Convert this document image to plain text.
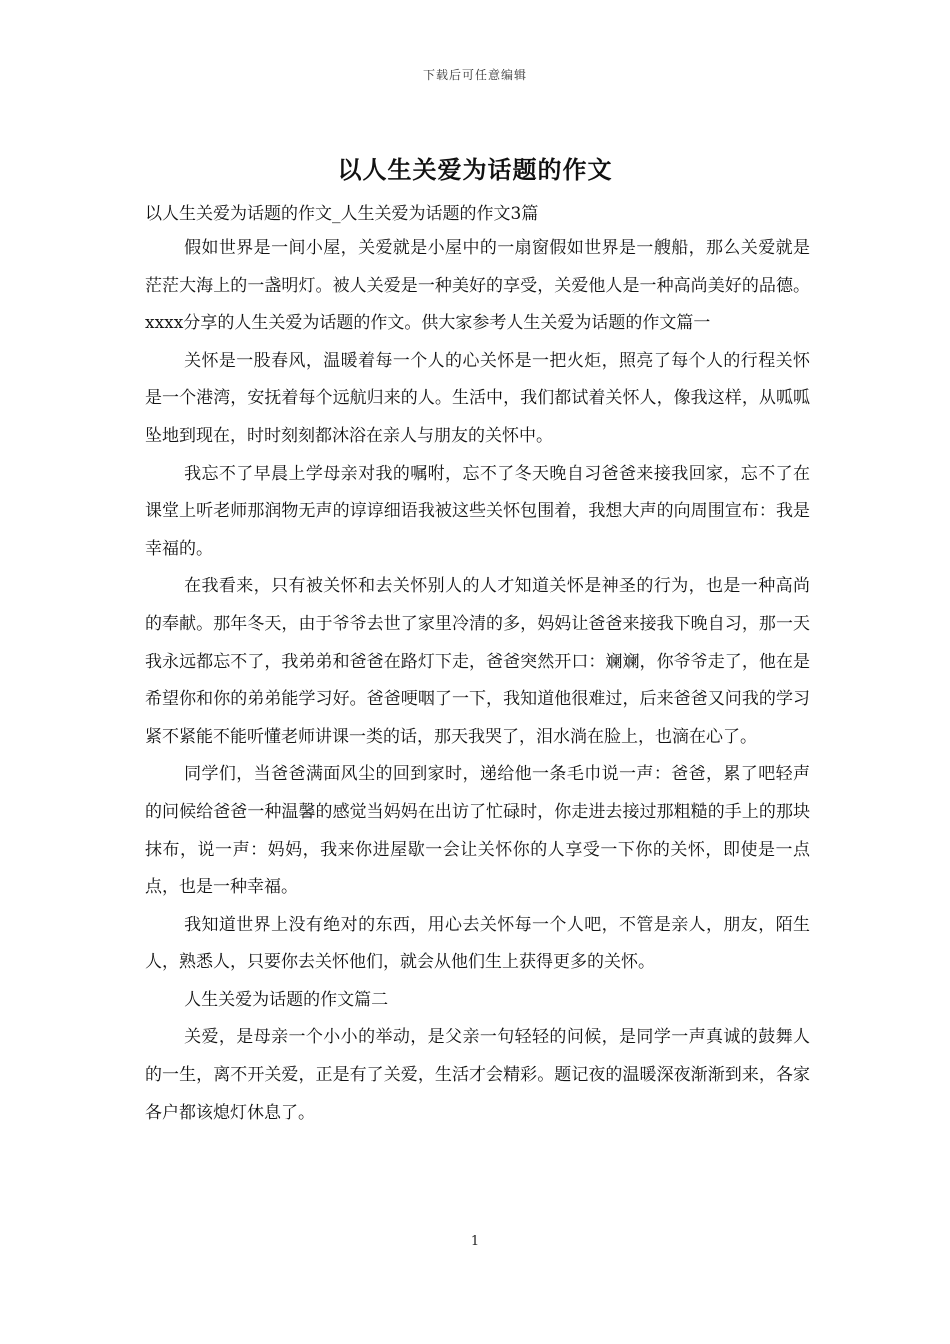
下载后可任意编辑
以人生关爱为话题的作文

以人生关爱为话题的作文_人生关爱为话题的作文3篇

假如世界是一间小屋，关爱就是小屋中的一扇窗假如世界是一艘船，那么关爱就是茫茫大海上的一盏明灯。被人关爱是一种美好的享受，关爱他人是一种高尚美好的品德。xxxx分享的人生关爱为话题的作文。供大家参考人生关爱为话题的作文篇一

关怀是一股春风，温暖着每一个人的心关怀是一把火炬，照亮了每个人的行程关怀是一个港湾，安抚着每个远航归来的人。生活中，我们都试着关怀人，像我这样，从呱呱坠地到现在，时时刻刻都沐浴在亲人与朋友的关怀中。

我忘不了早晨上学母亲对我的嘱咐，忘不了冬天晚自习爸爸来接我回家，忘不了在课堂上听老师那润物无声的谆谆细语我被这些关怀包围着，我想大声的向周围宣布：我是幸福的。

在我看来，只有被关怀和去关怀别人的人才知道关怀是神圣的行为，也是一种高尚的奉献。那年冬天，由于爷爷去世了家里冷清的多，妈妈让爸爸来接我下晚自习，那一天我永远都忘不了，我弟弟和爸爸在路灯下走，爸爸突然开口：斓斓，你爷爷走了，他在是希望你和你的弟弟能学习好。爸爸哽咽了一下，我知道他很难过，后来爸爸又问我的学习紧不紧能不能听懂老师讲课一类的话，那天我哭了，泪水淌在脸上，也滴在心了。

同学们，当爸爸满面风尘的回到家时，递给他一条毛巾说一声：爸爸，累了吧轻声的问候给爸爸一种温馨的感觉当妈妈在出访了忙碌时，你走进去接过那粗糙的手上的那块抹布，说一声：妈妈，我来你进屋歇一会让关怀你的人享受一下你的关怀，即使是一点点，也是一种幸福。

我知道世界上没有绝对的东西，用心去关怀每一个人吧，不管是亲人，朋友，陌生人，熟悉人，只要你去关怀他们，就会从他们生上获得更多的关怀。

人生关爱为话题的作文篇二

关爱，是母亲一个小小的举动，是父亲一句轻轻的问候，是同学一声真诚的鼓舞人的一生，离不开关爱，正是有了关爱，生活才会精彩。题记夜的温暖深夜渐渐到来，各家各户都该熄灯休息了。

1
